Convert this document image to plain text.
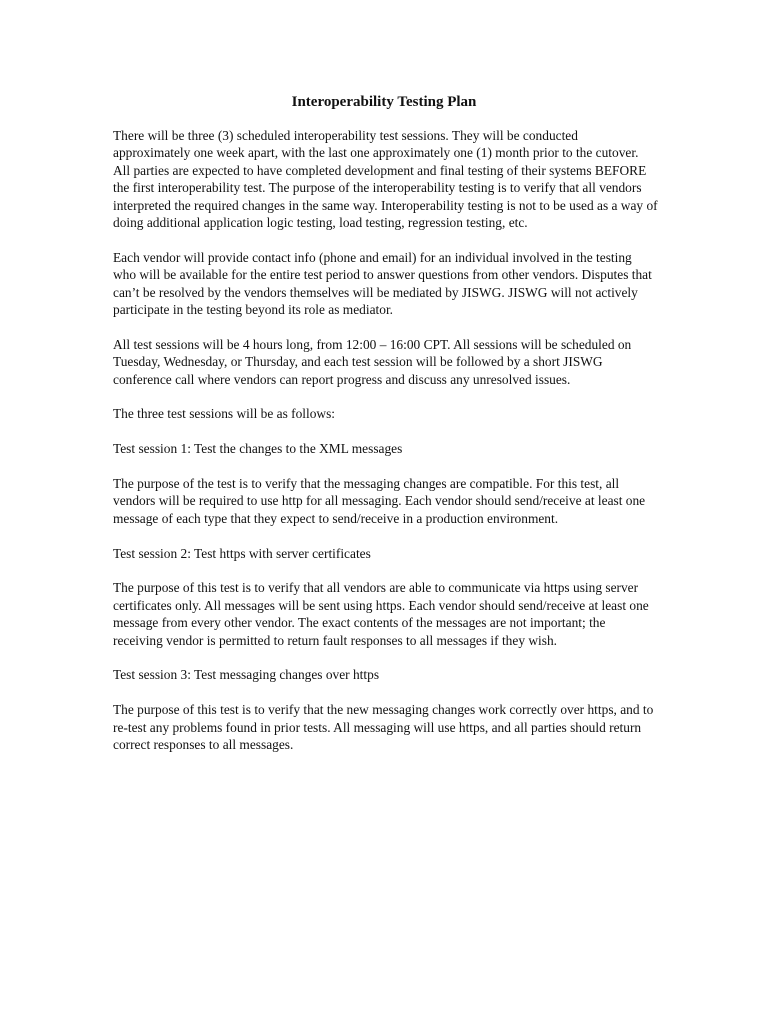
Interoperability Testing Plan

There will be three (3) scheduled interoperability test sessions. They will be conducted approximately one week apart, with the last one approximately one (1) month prior to the cutover. All parties are expected to have completed development and final testing of their systems BEFORE the first interoperability test. The purpose of the interoperability testing is to verify that all vendors interpreted the required changes in the same way. Interoperability testing is not to be used as a way of doing additional application logic testing, load testing, regression testing, etc.

Each vendor will provide contact info (phone and email) for an individual involved in the testing who will be available for the entire test period to answer questions from other vendors. Disputes that can’t be resolved by the vendors themselves will be mediated by JISWG. JISWG will not actively participate in the testing beyond its role as mediator.

All test sessions will be 4 hours long, from 12:00 – 16:00 CPT. All sessions will be scheduled on Tuesday, Wednesday, or Thursday, and each test session will be followed by a short JISWG conference call where vendors can report progress and discuss any unresolved issues.

The three test sessions will be as follows:

Test session 1: Test the changes to the XML messages

The purpose of the test is to verify that the messaging changes are compatible. For this test, all vendors will be required to use http for all messaging. Each vendor should send/receive at least one message of each type that they expect to send/receive in a production environment.

Test session 2: Test https with server certificates

The purpose of this test is to verify that all vendors are able to communicate via https using server certificates only. All messages will be sent using https. Each vendor should send/receive at least one message from every other vendor. The exact contents of the messages are not important; the receiving vendor is permitted to return fault responses to all messages if they wish.

Test session 3: Test messaging changes over https

The purpose of this test is to verify that the new messaging changes work correctly over https, and to re-test any problems found in prior tests. All messaging will use https, and all parties should return correct responses to all messages.
